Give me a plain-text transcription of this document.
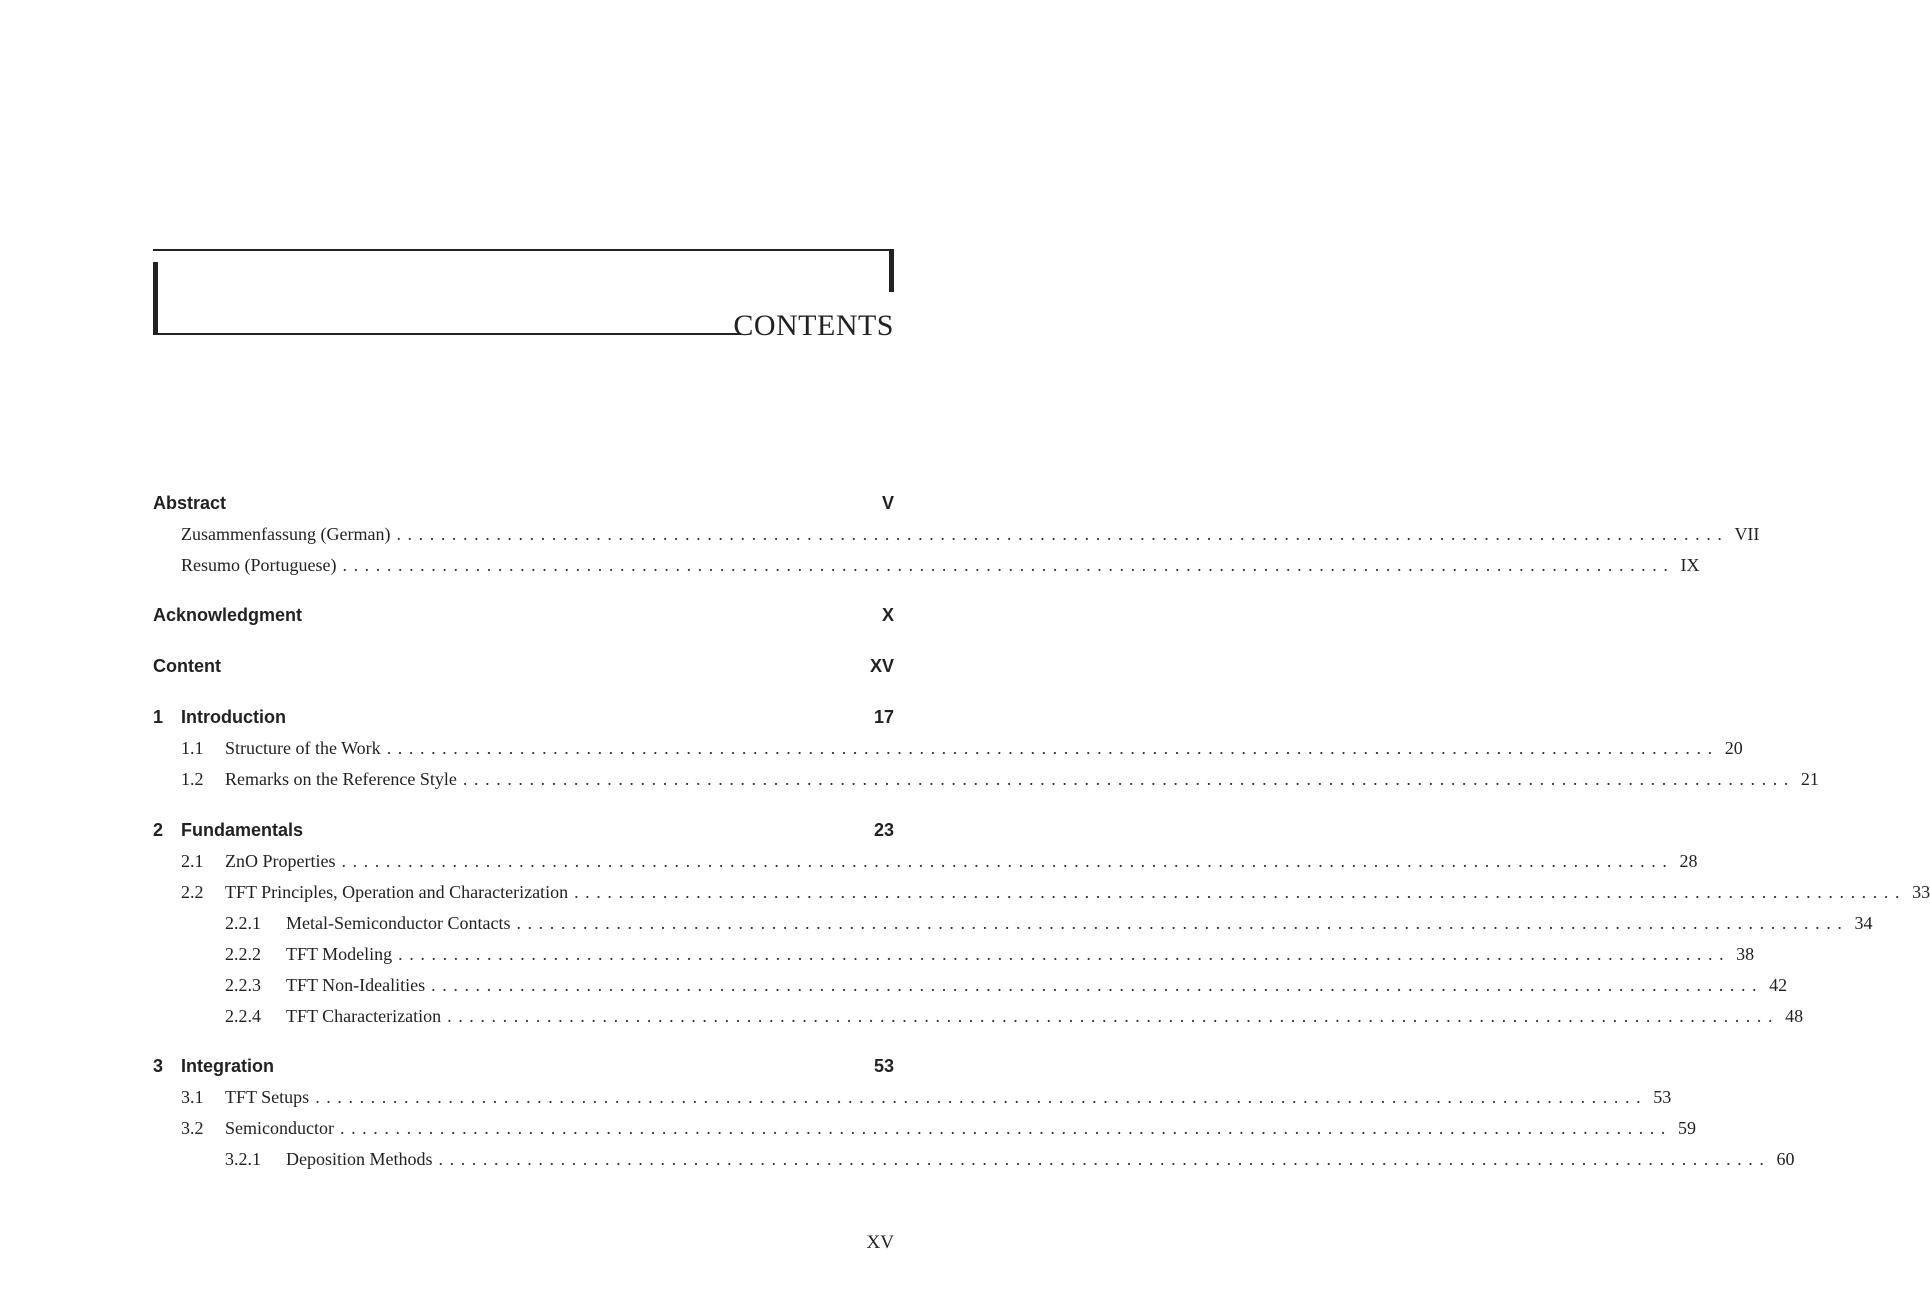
CONTENTS
Abstract	V
Zusammenfassung (German) ........................................................................................................................ VII
Resumo (Portuguese) ........................................................................................................................ IX
Acknowledgment	X
Content	XV
1 Introduction	17
1.1	Structure of the Work ........................................................................................................................ 20
1.2	Remarks on the Reference Style ........................................................................................................................ 21
2 Fundamentals	23
2.1	ZnO Properties ........................................................................................................................ 28
2.2	TFT Principles, Operation and Characterization ........................................................................................................................ 33
2.2.1	Metal-Semiconductor Contacts ........................................................................................................................ 34
2.2.2	TFT Modeling ........................................................................................................................ 38
2.2.3	TFT Non-Idealities ........................................................................................................................ 42
2.2.4	TFT Characterization ........................................................................................................................ 48
3 Integration	53
3.1	TFT Setups ........................................................................................................................ 53
3.2	Semiconductor ........................................................................................................................ 59
3.2.1	Deposition Methods ........................................................................................................................ 60
XV
